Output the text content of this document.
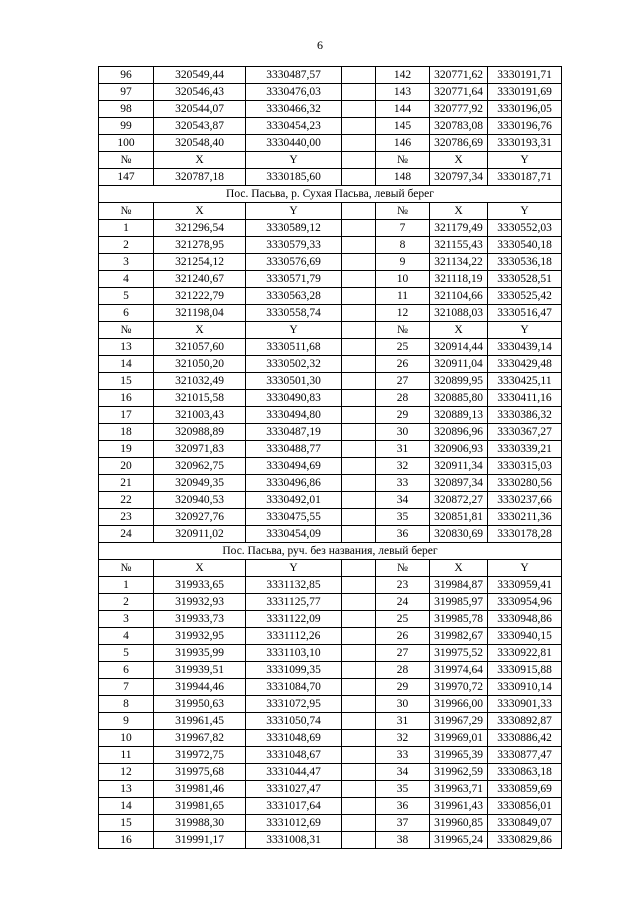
6
96	320549,44	3330487,57		142	320771,62	3330191,71
97	320546,43	3330476,03		143	320771,64	3330191,69
98	320544,07	3330466,32		144	320777,92	3330196,05
99	320543,87	3330454,23		145	320783,08	3330196,76
100	320548,40	3330440,00		146	320786,69	3330193,31
№	X	Y		№	X	Y
147	320787,18	3330185,60		148	320797,34	3330187,71
Пос. Пасьва, р. Сухая Пасьва, левый берег						
№	X	Y		№	X	Y
1	321296,54	3330589,12		7	321179,49	3330552,03
2	321278,95	3330579,33		8	321155,43	3330540,18
3	321254,12	3330576,69		9	321134,22	3330536,18
4	321240,67	3330571,79		10	321118,19	3330528,51
5	321222,79	3330563,28		11	321104,66	3330525,42
6	321198,04	3330558,74		12	321088,03	3330516,47
№	X	Y		№	X	Y
13	321057,60	3330511,68		25	320914,44	3330439,14
14	321050,20	3330502,32		26	320911,04	3330429,48
15	321032,49	3330501,30		27	320899,95	3330425,11
16	321015,58	3330490,83		28	320885,80	3330411,16
17	321003,43	3330494,80		29	320889,13	3330386,32
18	320988,89	3330487,19		30	320896,96	3330367,27
19	320971,83	3330488,77		31	320906,93	3330339,21
20	320962,75	3330494,69		32	320911,34	3330315,03
21	320949,35	3330496,86		33	320897,34	3330280,56
22	320940,53	3330492,01		34	320872,27	3330237,66
23	320927,76	3330475,55		35	320851,81	3330211,36
24	320911,02	3330454,09		36	320830,69	3330178,28
Пос. Пасьва, руч. без названия, левый берег						
№	X	Y		№	X	Y
1	319933,65	3331132,85		23	319984,87	3330959,41
2	319932,93	3331125,77		24	319985,97	3330954,96
3	319933,73	3331122,09		25	319985,78	3330948,86
4	319932,95	3331112,26		26	319982,67	3330940,15
5	319935,99	3331103,10		27	319975,52	3330922,81
6	319939,51	3331099,35		28	319974,64	3330915,88
7	319944,46	3331084,70		29	319970,72	3330910,14
8	319950,63	3331072,95		30	319966,00	3330901,33
9	319961,45	3331050,74		31	319967,29	3330892,87
10	319967,82	3331048,69		32	319969,01	3330886,42
11	319972,75	3331048,67		33	319965,39	3330877,47
12	319975,68	3331044,47		34	319962,59	3330863,18
13	319981,46	3331027,47		35	319963,71	3330859,69
14	319981,65	3331017,64		36	319961,43	3330856,01
15	319988,30	3331012,69		37	319960,85	3330849,07
16	319991,17	3331008,31		38	319965,24	3330829,86
